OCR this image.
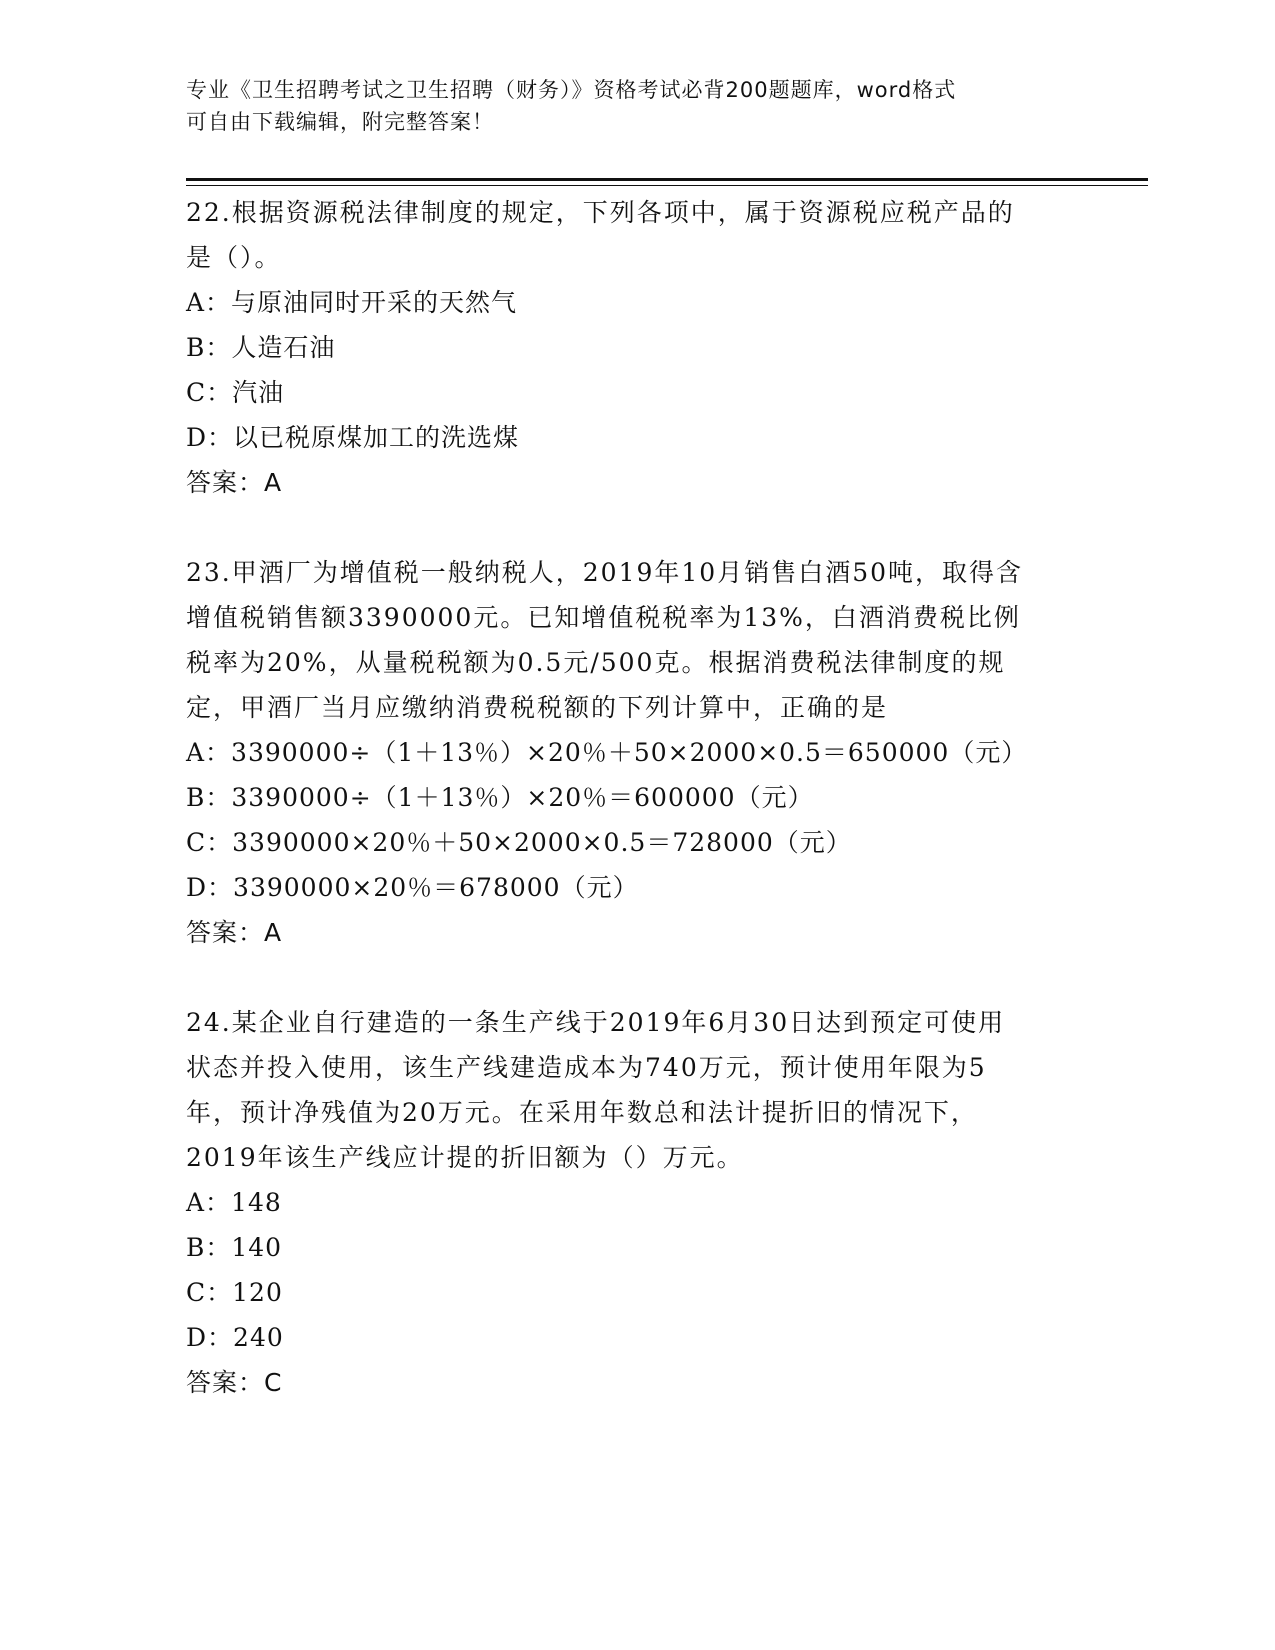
专业《卫生招聘考试之卫生招聘（财务）》资格考试必背200题题库，word格式
可自由下载编辑，附完整答案！
22.根据资源税法律制度的规定，下列各项中，属于资源税应税产品的
是（）。
A：与原油同时开采的天然气
B：人造石油
C：汽油
D：以已税原煤加工的洗选煤
答案：A
23.甲酒厂为增值税一般纳税人，2019年10月销售白酒50吨，取得含
增值税销售额3390000元。已知增值税税率为13%，白酒消费税比例
税率为20%，从量税税额为0.5元/500克。根据消费税法律制度的规
定，甲酒厂当月应缴纳消费税税额的下列计算中，正确的是
A：3390000÷（1＋13％）×20％＋50×2000×0.5＝650000（元）
B：3390000÷（1＋13％）×20％＝600000（元）
C：3390000×20％＋50×2000×0.5＝728000（元）
D：3390000×20％＝678000（元）
答案：A
24.某企业自行建造的一条生产线于2019年6月30日达到预定可使用
状态并投入使用，该生产线建造成本为740万元，预计使用年限为5
年，预计净残值为20万元。在采用年数总和法计提折旧的情况下，
2019年该生产线应计提的折旧额为（）万元。
A：148
B：140
C：120
D：240
答案：C
